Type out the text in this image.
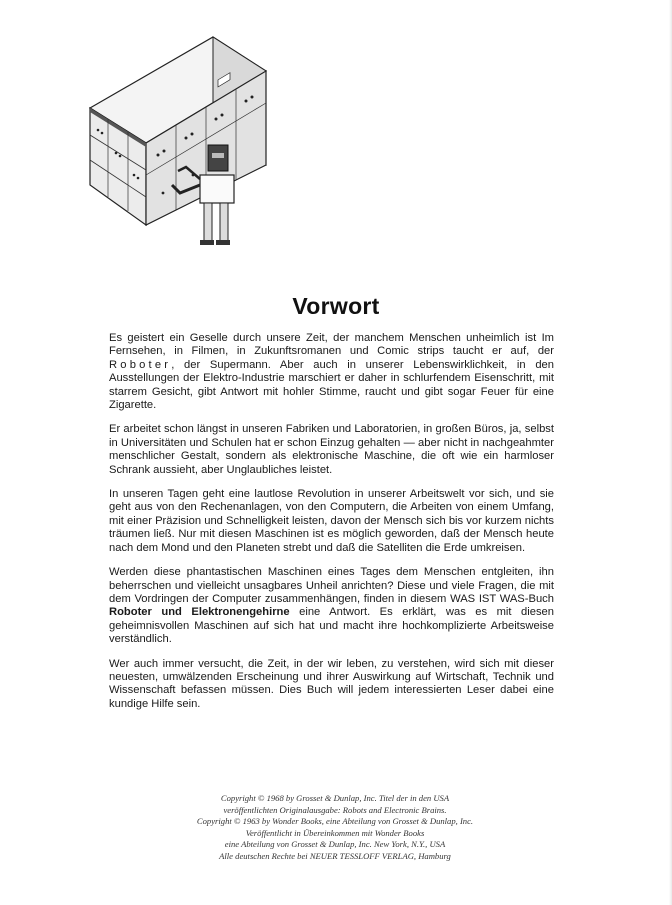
Vorwort

Es geistert ein Geselle durch unsere Zeit, der manchem Menschen unheimlich ist Im Fernsehen, in Filmen, in Zukunftsromanen und Comic strips taucht er auf, der Roboter, der Supermann. Aber auch in unserer Lebenswirklichkeit, in den Ausstellungen der Elektro-Industrie marschiert er daher in schlurfendem Eisenschritt, mit starrem Gesicht, gibt Antwort mit hohler Stimme, raucht und gibt sogar Feuer für eine Zigarette.

Er arbeitet schon längst in unseren Fabriken und Laboratorien, in großen Büros, ja, selbst in Universitäten und Schulen hat er schon Einzug gehalten — aber nicht in nachgeahmter menschlicher Gestalt, sondern als elektronische Maschine, die oft wie ein harmloser Schrank aussieht, aber Unglaubliches leistet.

In unseren Tagen geht eine lautlose Revolution in unserer Arbeitswelt vor sich, und sie geht aus von den Rechenanlagen, von den Computern, die Arbeiten von einem Umfang, mit einer Präzision und Schnelligkeit leisten, davon der Mensch sich bis vor kurzem nichts träumen ließ. Nur mit diesen Maschinen ist es möglich geworden, daß der Mensch heute nach dem Mond und den Planeten strebt und daß die Satelliten die Erde umkreisen.

Werden diese phantastischen Maschinen eines Tages dem Menschen entgleiten, ihn beherrschen und vielleicht unsagbares Unheil anrichten? Diese und viele Fragen, die mit dem Vordringen der Computer zusammenhängen, finden in diesem WAS IST WAS-Buch Roboter und Elektronengehirne eine Antwort. Es erklärt, was es mit diesen geheimnisvollen Maschinen auf sich hat und macht ihre hochkomplizierte Arbeitsweise verständlich.

Wer auch immer versucht, die Zeit, in der wir leben, zu verstehen, wird sich mit dieser neuesten, umwälzenden Erscheinung und ihrer Auswirkung auf Wirtschaft, Technik und Wissenschaft befassen müssen. Dies Buch will jedem interessierten Leser dabei eine kundige Hilfe sein.

Copyright © 1968 by Grosset & Dunlap, Inc. Titel der in den USA
veröffentlichten Originalausgabe: Robots and Electronic Brains.
Copyright © 1963 by Wonder Books, eine Abteilung von Grosset & Dunlap, Inc.
Veröffentlicht in Übereinkommen mit Wonder Books
eine Abteilung von Grosset & Dunlap, Inc. New York, N.Y., USA
Alle deutschen Rechte bei NEUER TESSLOFF VERLAG, Hamburg
